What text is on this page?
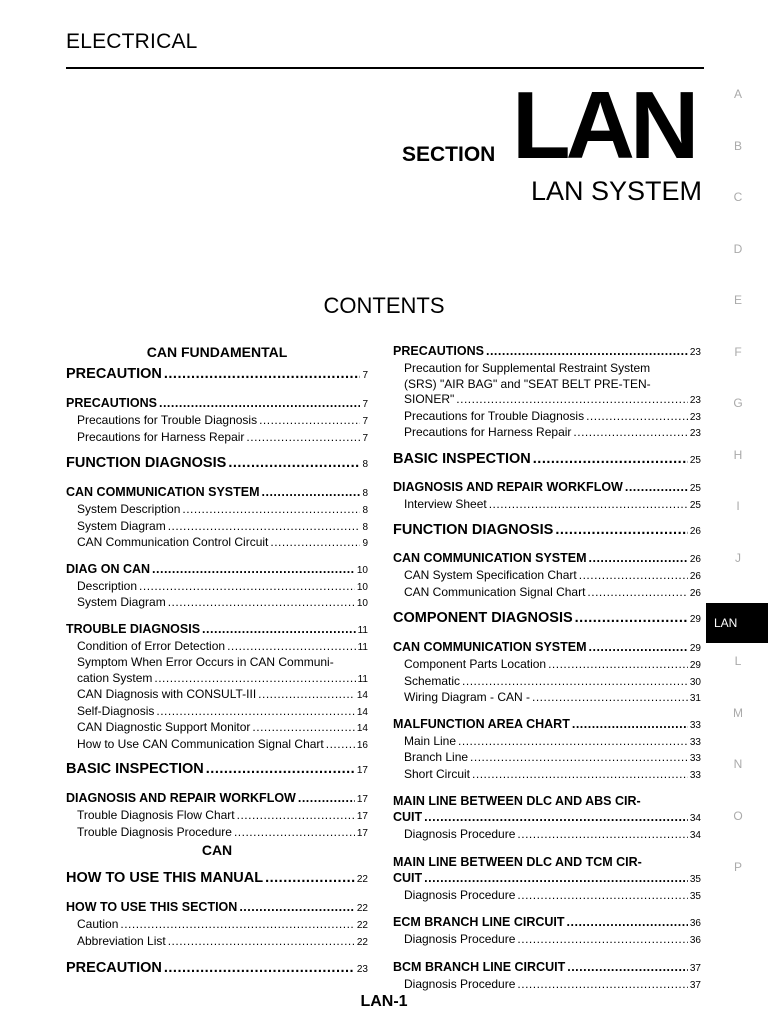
ELECTRICAL
SECTION LAN
LAN SYSTEM
CONTENTS
CAN FUNDAMENTAL
PRECAUTION .....	7
PRECAUTIONS .....	7
Precautions for Trouble Diagnosis .....	7
Precautions for Harness Repair .....	7
FUNCTION DIAGNOSIS .....	8
CAN COMMUNICATION SYSTEM .....	8
System Description .....	8
System Diagram .....	8
CAN Communication Control Circuit .....	9
DIAG ON CAN .....	10
Description .....	10
System Diagram .....	10
TROUBLE DIAGNOSIS .....	11
Condition of Error Detection .....	11
Symptom When Error Occurs in CAN Communi-
cation System .....	11
CAN Diagnosis with CONSULT-III .....	14
Self-Diagnosis .....	14
CAN Diagnostic Support Monitor .....	14
How to Use CAN Communication Signal Chart .....	16
BASIC INSPECTION .....	17
DIAGNOSIS AND REPAIR WORKFLOW .....	17
Trouble Diagnosis Flow Chart .....	17
Trouble Diagnosis Procedure .....	17
CAN
HOW TO USE THIS MANUAL .....	22
HOW TO USE THIS SECTION .....	22
Caution .....	22
Abbreviation List .....	22
PRECAUTION .....	23
PRECAUTIONS .....	23
Precaution for Supplemental Restraint System
(SRS) "AIR BAG" and "SEAT BELT PRE-TEN-
SIONER" .....	23
Precautions for Trouble Diagnosis .....	23
Precautions for Harness Repair .....	23
BASIC INSPECTION .....	25
DIAGNOSIS AND REPAIR WORKFLOW .....	25
Interview Sheet .....	25
FUNCTION DIAGNOSIS .....	26
CAN COMMUNICATION SYSTEM .....	26
CAN System Specification Chart .....	26
CAN Communication Signal Chart .....	26
COMPONENT DIAGNOSIS .....	29
CAN COMMUNICATION SYSTEM .....	29
Component Parts Location .....	29
Schematic .....	30
Wiring Diagram - CAN - .....	31
MALFUNCTION AREA CHART .....	33
Main Line .....	33
Branch Line .....	33
Short Circuit .....	33
MAIN LINE BETWEEN DLC AND ABS CIR-
CUIT .....	34
Diagnosis Procedure .....	34
MAIN LINE BETWEEN DLC AND TCM CIR-
CUIT .....	35
Diagnosis Procedure .....	35
ECM BRANCH LINE CIRCUIT .....	36
Diagnosis Procedure .....	36
BCM BRANCH LINE CIRCUIT .....	37
Diagnosis Procedure .....	37
A
B
C
D
E
F
G
H
I
J
LAN
L
M
N
O
P
LAN-1
